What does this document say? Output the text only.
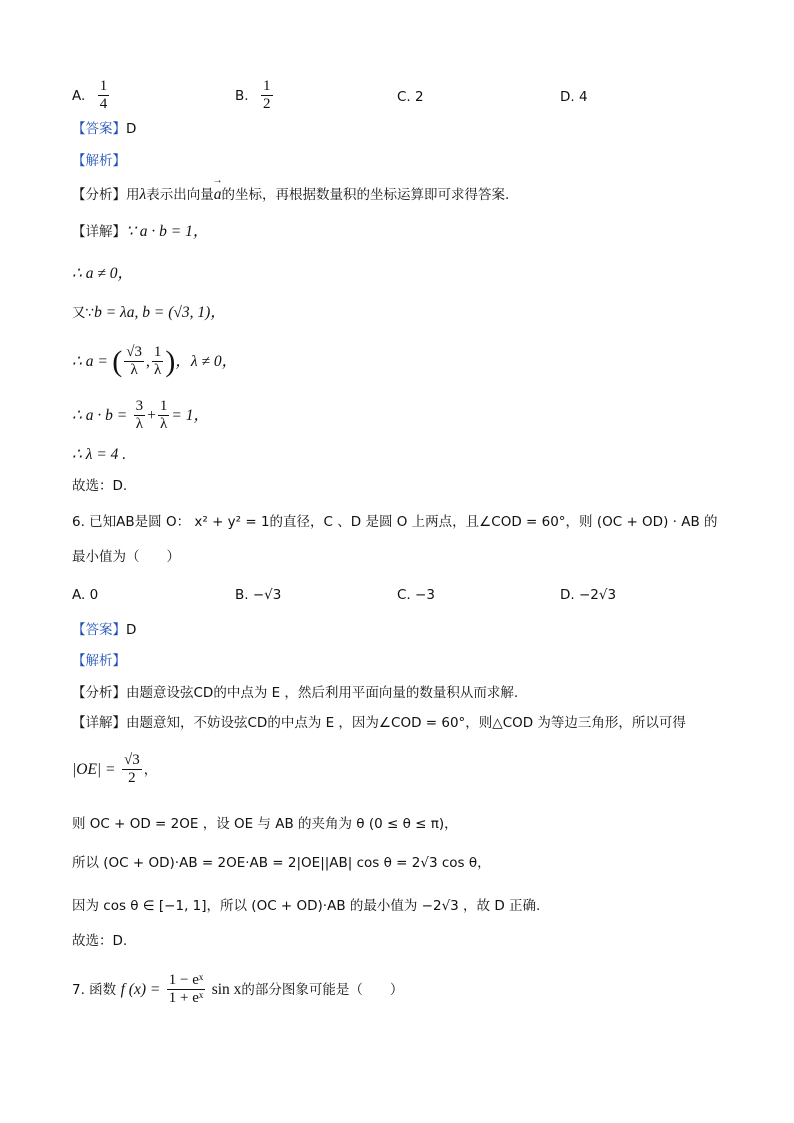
A. $\frac{1}{4}$	B. $\frac{1}{2}$	C. 2	D. 4
【答案】D
【解析】
【分析】用λ表示出向量→ a的坐标，再根据数量积的坐标运算即可求得答案.
【详解】∵ a · b = 1，
∴ a ≠ 0，
又∵b = λa, b = (√3, 1)，
∴ a = ( $\frac{√3}{\lambda}$ , $\frac{1}{\lambda}$ )，λ ≠ 0，
∴ $a \cdot b = \frac{3}{\lambda} + \frac{1}{\lambda} = 1$，
∴ λ = 4 .
故选：D.
6. 已知AB是圆 O： x² + y² = 1的直径，C 、D 是圆 O 上两点，且∠COD = 60°，则 (OC + OD) · AB 的
最小值为（　　）
A. 0	B. −√3	C. −3	D. −2√3
【答案】D
【解析】
【分析】由题意设弦CD的中点为 E ，然后利用平面向量的数量积从而求解.
【详解】由题意知，不妨设弦CD的中点为 E ，因为∠COD = 60°，则△COD 为等边三角形，所以可得
$|OE| = \frac{√3}{2}$ ，
则 OC + OD = 2OE ，设 OE 与 AB 的夹角为 θ (0 ≤ θ ≤ π)，
所以 (OC + OD)·AB = 2OE·AB = 2|OE||AB| cos θ = 2√3 cos θ，
因为 cos θ ∈ [−1, 1]，所以 (OC + OD)·AB 的最小值为 −2√3 ，故 D 正确.
故选：D.
7. 函数 f $(x) = \frac{\text{1 − eˣ}}{\text{1 + eˣ}}$ sin x的部分图象可能是（　　）
